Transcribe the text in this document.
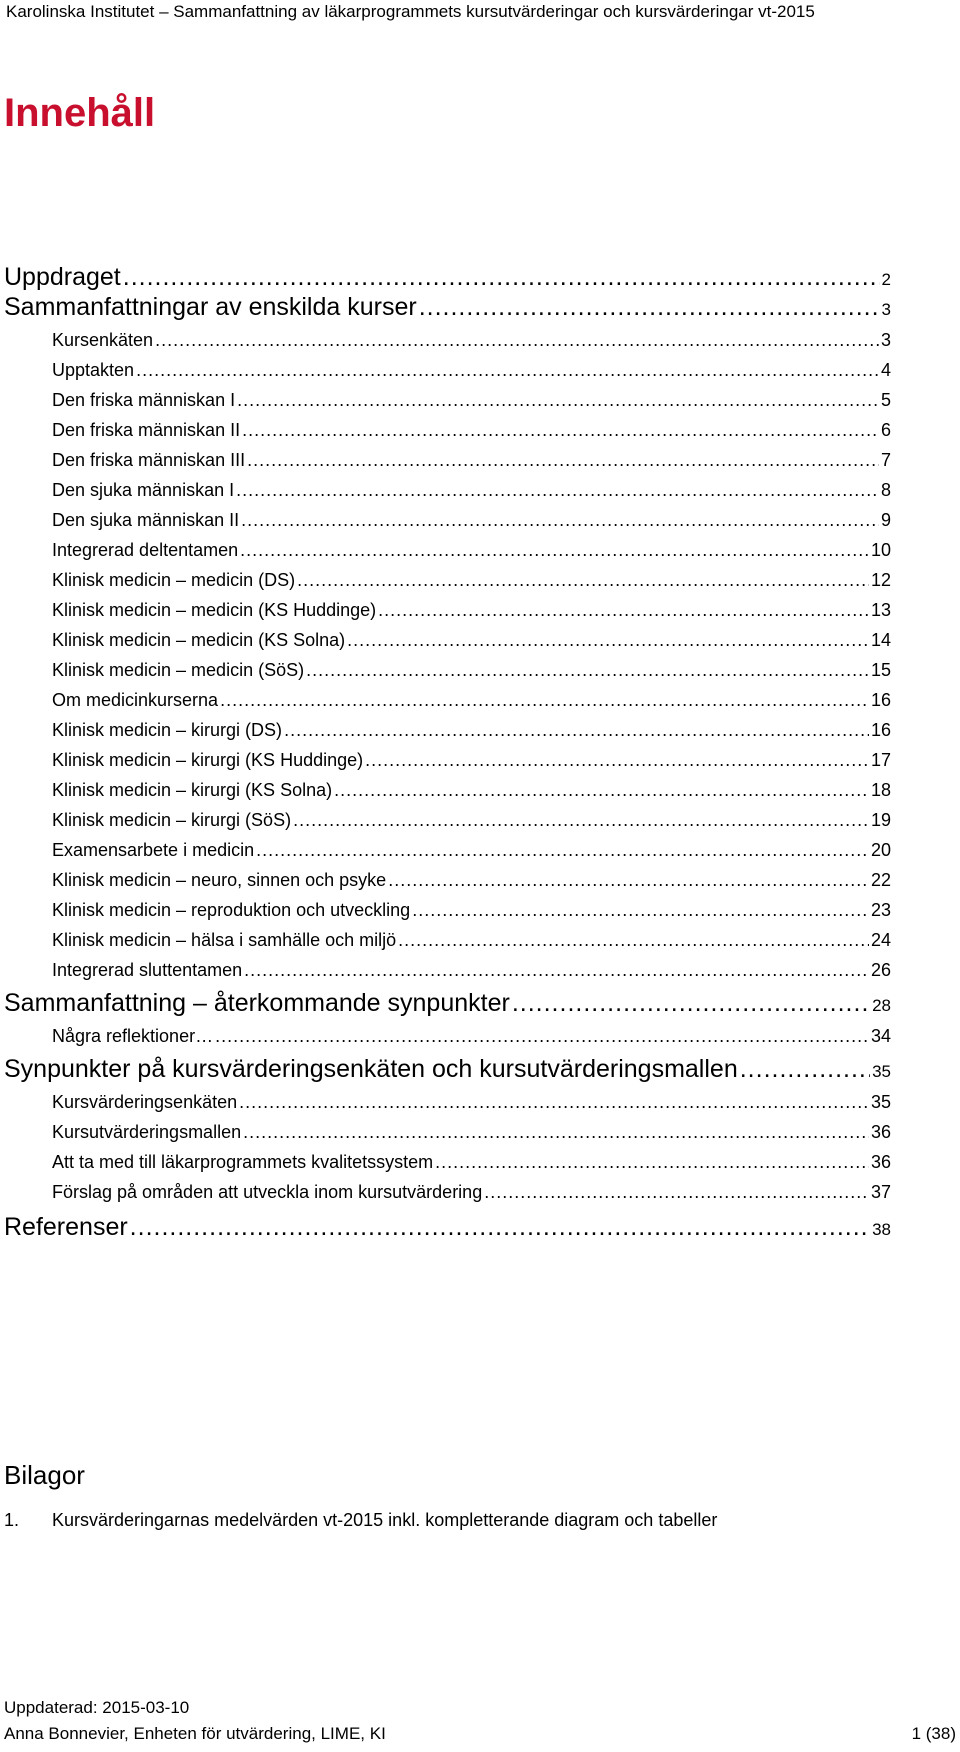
Karolinska Institutet – Sammanfattning av läkarprogrammets kursutvärderingar och kursvärderingar vt-2015
Innehåll
Uppdraget .....	2
Sammanfattningar av enskilda kurser .....	3
Kursenkäten .....	3
Upptakten .....	4
Den friska människan I .....	5
Den friska människan II .....	6
Den friska människan III .....	7
Den sjuka människan I .....	8
Den sjuka människan II .....	9
Integrerad deltentamen .....	10
Klinisk medicin – medicin (DS) .....	12
Klinisk medicin – medicin (KS Huddinge) .....	13
Klinisk medicin – medicin (KS Solna) .....	14
Klinisk medicin – medicin (SöS) .....	15
Om medicinkurserna .....	16
Klinisk medicin – kirurgi (DS) .....	16
Klinisk medicin – kirurgi (KS Huddinge) .....	17
Klinisk medicin – kirurgi (KS Solna) .....	18
Klinisk medicin – kirurgi (SöS) .....	19
Examensarbete i medicin .....	20
Klinisk medicin – neuro, sinnen och psyke .....	22
Klinisk medicin – reproduktion och utveckling .....	23
Klinisk medicin – hälsa i samhälle och miljö .....	24
Integrerad sluttentamen .....	26
Sammanfattning – återkommande synpunkter .....	28
Några reflektioner… .....	34
Synpunkter på kursvärderingsenkäten och kursutvärderingsmallen .....	35
Kursvärderingsenkäten .....	35
Kursutvärderingsmallen .....	36
Att ta med till läkarprogrammets kvalitetssystem .....	36
Förslag på områden att utveckla inom kursutvärdering .....	37
Referenser .....	38
Bilagor
1. Kursvärderingarnas medelvärden vt-2015 inkl. kompletterande diagram och tabeller
Uppdaterad: 2015-03-10
Anna Bonnevier, Enheten för utvärdering, LIME, KI	1 (38)
